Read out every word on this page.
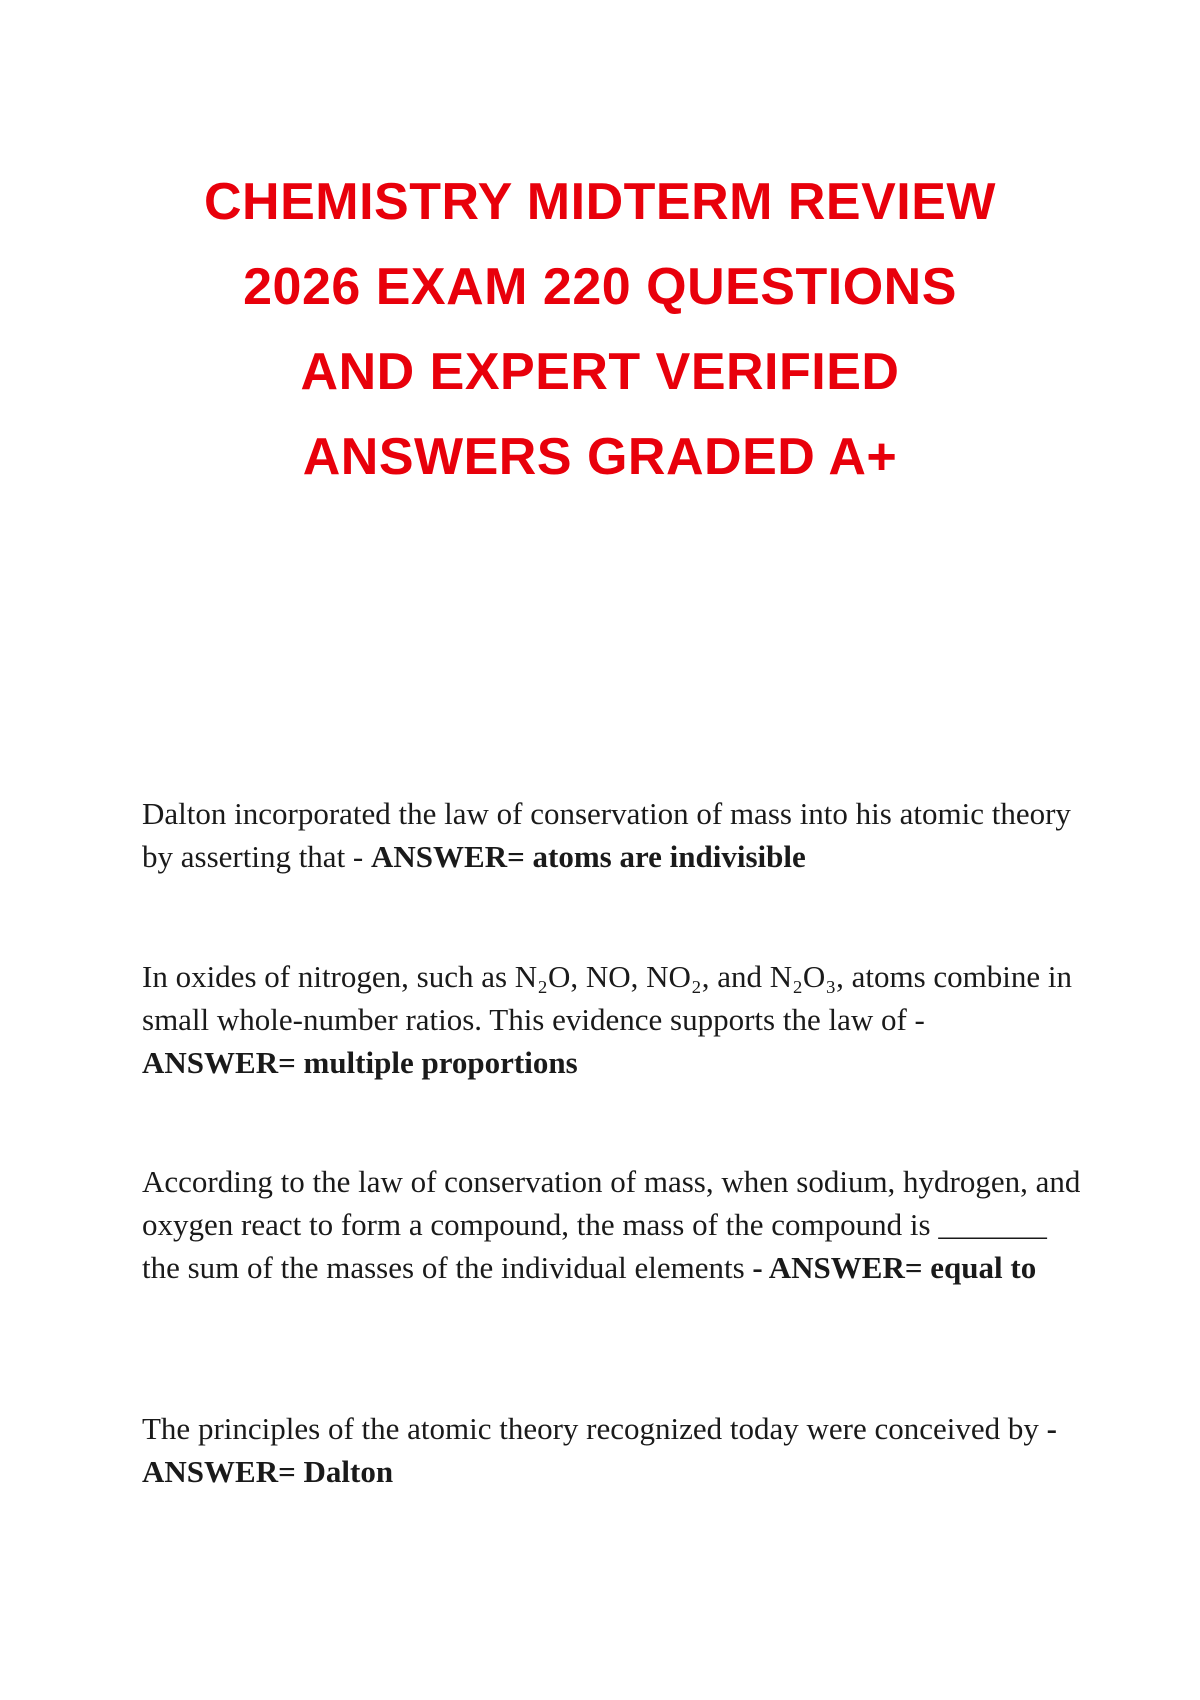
CHEMISTRY MIDTERM REVIEW
2026 EXAM 220 QUESTIONS
AND EXPERT VERIFIED
ANSWERS GRADED A+

Dalton incorporated the law of conservation of mass into his atomic theory by asserting that - ANSWER= atoms are indivisible

In oxides of nitrogen, such as N₂O, NO, NO₂, and N₂O₃, atoms combine in small whole-number ratios. This evidence supports the law of - ANSWER= multiple proportions

According to the law of conservation of mass, when sodium, hydrogen, and oxygen react to form a compound, the mass of the compound is _______ the sum of the masses of the individual elements - ANSWER= equal to

The principles of the atomic theory recognized today were conceived by - ANSWER= Dalton
